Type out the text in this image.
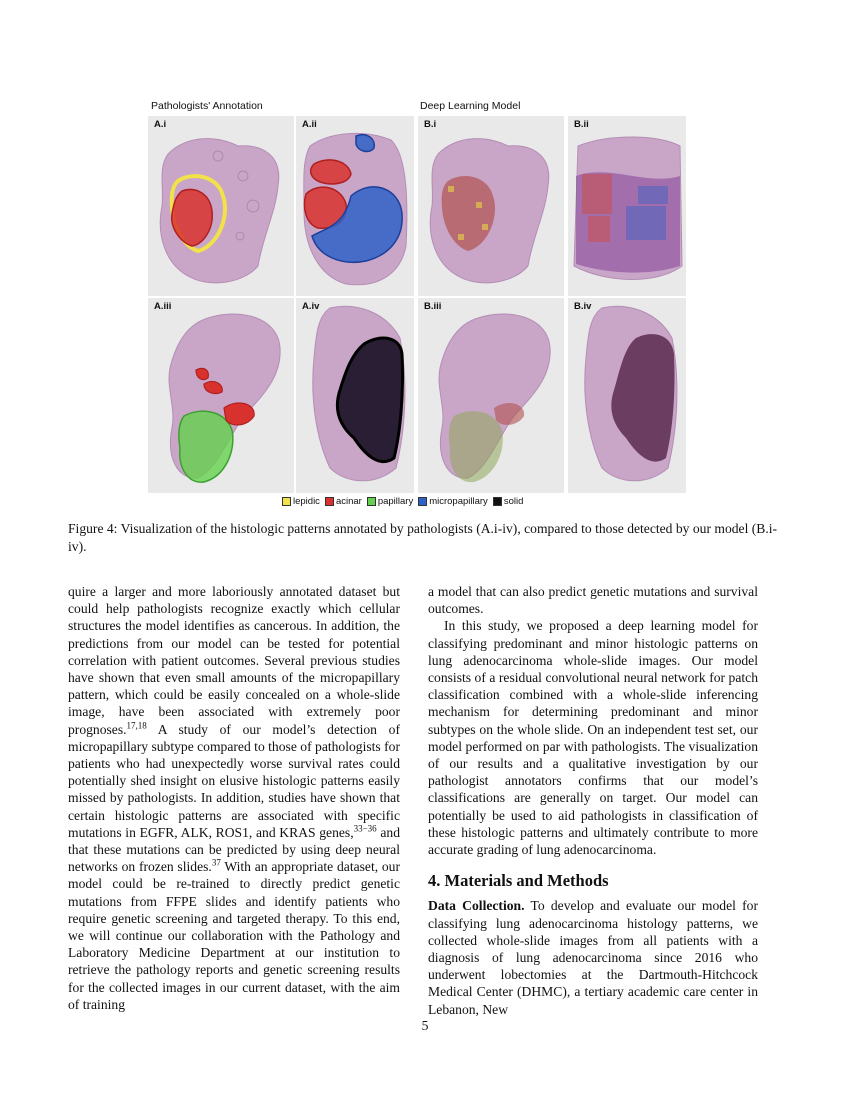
Pathologists' Annotation	Deep Learning Model
A.i	A.ii	B.i	B.ii
A.iii	A.iv	B.iii	B.iv
lepidic acinar papillary micropapillary solid
Figure 4: Visualization of the histologic patterns annotated by pathologists (A.i-iv), compared to those detected by our model (B.i-iv).

quire a larger and more laboriously annotated dataset but could help pathologists recognize exactly which cellular structures the model identifies as cancerous. In addition, the predictions from our model can be tested for potential correlation with patient outcomes. Several previous studies have shown that even small amounts of the micropapillary pattern, which could be easily concealed on a whole-slide image, have been associated with extremely poor prognoses.$^{17,18}$ A study of our model’s detection of micropapillary subtype compared to those of pathologists for patients who had unexpectedly worse survival rates could potentially shed insight on elusive histologic patterns easily missed by pathologists. In addition, studies have shown that certain histologic patterns are associated with specific mutations in EGFR, ALK, ROS1, and KRAS genes,$^{33-36}$ and that these mutations can be predicted by using deep neural networks on frozen slides.$^{37}$ With an appropriate dataset, our model could be re-trained to directly predict genetic mutations from FFPE slides and identify patients who require genetic screening and targeted therapy. To this end, we will continue our collaboration with the Pathology and Laboratory Medicine Department at our institution to retrieve the pathology reports and genetic screening results for the collected images in our current dataset, with the aim of training

a model that can also predict genetic mutations and survival outcomes.

In this study, we proposed a deep learning model for classifying predominant and minor histologic patterns on lung adenocarcinoma whole-slide images. Our model consists of a residual convolutional neural network for patch classification combined with a whole-slide inferencing mechanism for determining predominant and minor subtypes on the whole slide. On an independent test set, our model performed on par with pathologists. The visualization of our results and a qualitative investigation by our pathologist annotators confirms that our model’s classifications are generally on target. Our model can potentially be used to aid pathologists in classification of these histologic patterns and ultimately contribute to more accurate grading of lung adenocarcinoma.

4. Materials and Methods

Data Collection. To develop and evaluate our model for classifying lung adenocarcinoma histology patterns, we collected whole-slide images from all patients with a diagnosis of lung adenocarcinoma since 2016 who underwent lobectomies at the Dartmouth-Hitchcock Medical Center (DHMC), a tertiary academic care center in Lebanon, New

5
